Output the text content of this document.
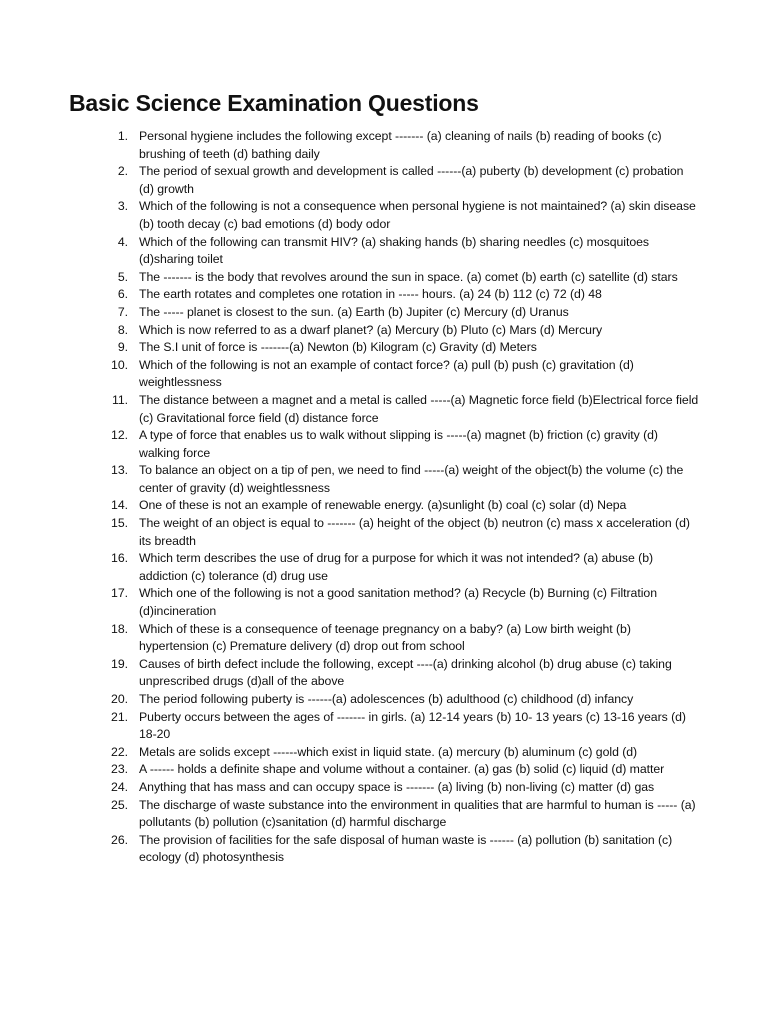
Basic Science Examination Questions
1. Personal hygiene includes the following except ------- (a) cleaning of nails (b) reading of books (c) brushing of teeth (d) bathing daily
2. The period of sexual growth and development is called ------(a) puberty (b) development (c) probation (d) growth
3. Which of the following is not a consequence when personal hygiene is not maintained? (a) skin disease (b) tooth decay (c) bad emotions (d) body odor
4. Which of the following can transmit HIV? (a) shaking hands (b) sharing needles (c) mosquitoes (d)sharing toilet
5. The ------- is the body that revolves around the sun in space. (a) comet (b) earth (c) satellite (d) stars
6. The earth rotates and completes one rotation in ----- hours. (a) 24 (b) 112 (c) 72 (d) 48
7. The ----- planet is closest to the sun. (a) Earth (b) Jupiter (c) Mercury (d) Uranus
8. Which is now referred to as a dwarf planet? (a) Mercury (b) Pluto (c) Mars (d) Mercury
9. The S.I unit of force is -------(a) Newton (b) Kilogram (c) Gravity (d) Meters
10. Which of the following is not an example of contact force? (a) pull (b) push (c) gravitation (d) weightlessness
11. The distance between a magnet and a metal is called -----(a) Magnetic force field (b)Electrical force field (c) Gravitational force field (d) distance force
12. A type of force that enables us to walk without slipping is -----(a) magnet (b) friction (c) gravity (d) walking force
13. To balance an object on a tip of pen, we need to find -----(a) weight of the object(b) the volume (c) the center of gravity (d) weightlessness
14. One of these is not an example of renewable energy. (a)sunlight (b) coal (c) solar (d) Nepa
15. The weight of an object is equal to ------- (a) height of the object (b) neutron (c) mass x acceleration (d) its breadth
16. Which term describes the use of drug for a purpose for which it was not intended? (a) abuse (b) addiction (c) tolerance (d) drug use
17. Which one of the following is not a good sanitation method? (a) Recycle (b) Burning (c) Filtration (d)incineration
18. Which of these is a consequence of teenage pregnancy on a baby? (a) Low birth weight (b) hypertension (c) Premature delivery (d) drop out from school
19. Causes of birth defect include the following, except ----(a) drinking alcohol (b) drug abuse (c) taking unprescribed drugs (d)all of the above
20. The period following puberty is ------(a) adolescences (b) adulthood (c) childhood (d) infancy
21. Puberty occurs between the ages of ------- in girls. (a) 12-14 years (b) 10- 13 years (c) 13-16 years (d) 18-20
22. Metals are solids except ------which exist in liquid state. (a) mercury (b) aluminum (c) gold (d)
23. A ------ holds a definite shape and volume without a container. (a) gas (b) solid (c) liquid (d) matter
24. Anything that has mass and can occupy space is ------- (a) living (b) non-living (c) matter (d) gas
25. The discharge of waste substance into the environment in qualities that are harmful to human is ----- (a) pollutants (b) pollution (c)sanitation (d) harmful discharge
26. The provision of facilities for the safe disposal of human waste is ------ (a) pollution (b) sanitation (c) ecology (d) photosynthesis
